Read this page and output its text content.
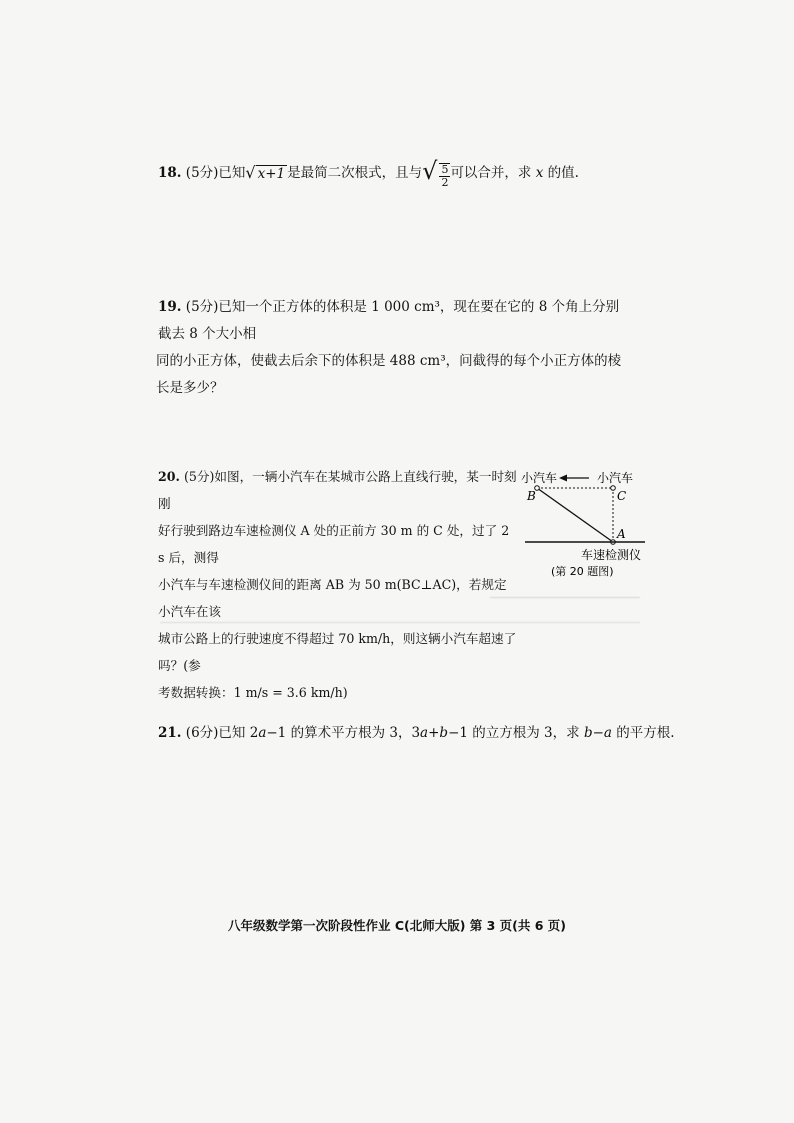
18. (5分)已知√ x+1 是最简二次根式，且与√ $\frac{5}{2}$ 可以合并，求 x 的值.
19. (5分)已知一个正方体的体积是 1 000 cm³，现在要在它的 8 个角上分别截去 8 个大小相
同的小正方体，使截去后余下的体积是 488 cm³，问截得的每个小正方体的棱长是多少？
20. (5分)如图，一辆小汽车在某城市公路上直线行驶，某一时刻刚
好行驶到路边车速检测仪 A 处的正前方 30 m 的 C 处，过了 2 s 后，测得
小汽车与车速检测仪间的距离 AB 为 50 m(BC⊥AC)，若规定小汽车在该
城市公路上的行驶速度不得超过 70 km/h，则这辆小汽车超速了吗？(参
考数据转换：1 m/s = 3.6 km/h)
小汽车	小汽车
B	C
A
车速检测仪
(第 20 题图)
21. (6分)已知 2a−1 的算术平方根为 3，3a+b−1 的立方根为 3，求 b−a 的平方根.
八年级数学第一次阶段性作业 C(北师大版) 第 3 页(共 6 页)
